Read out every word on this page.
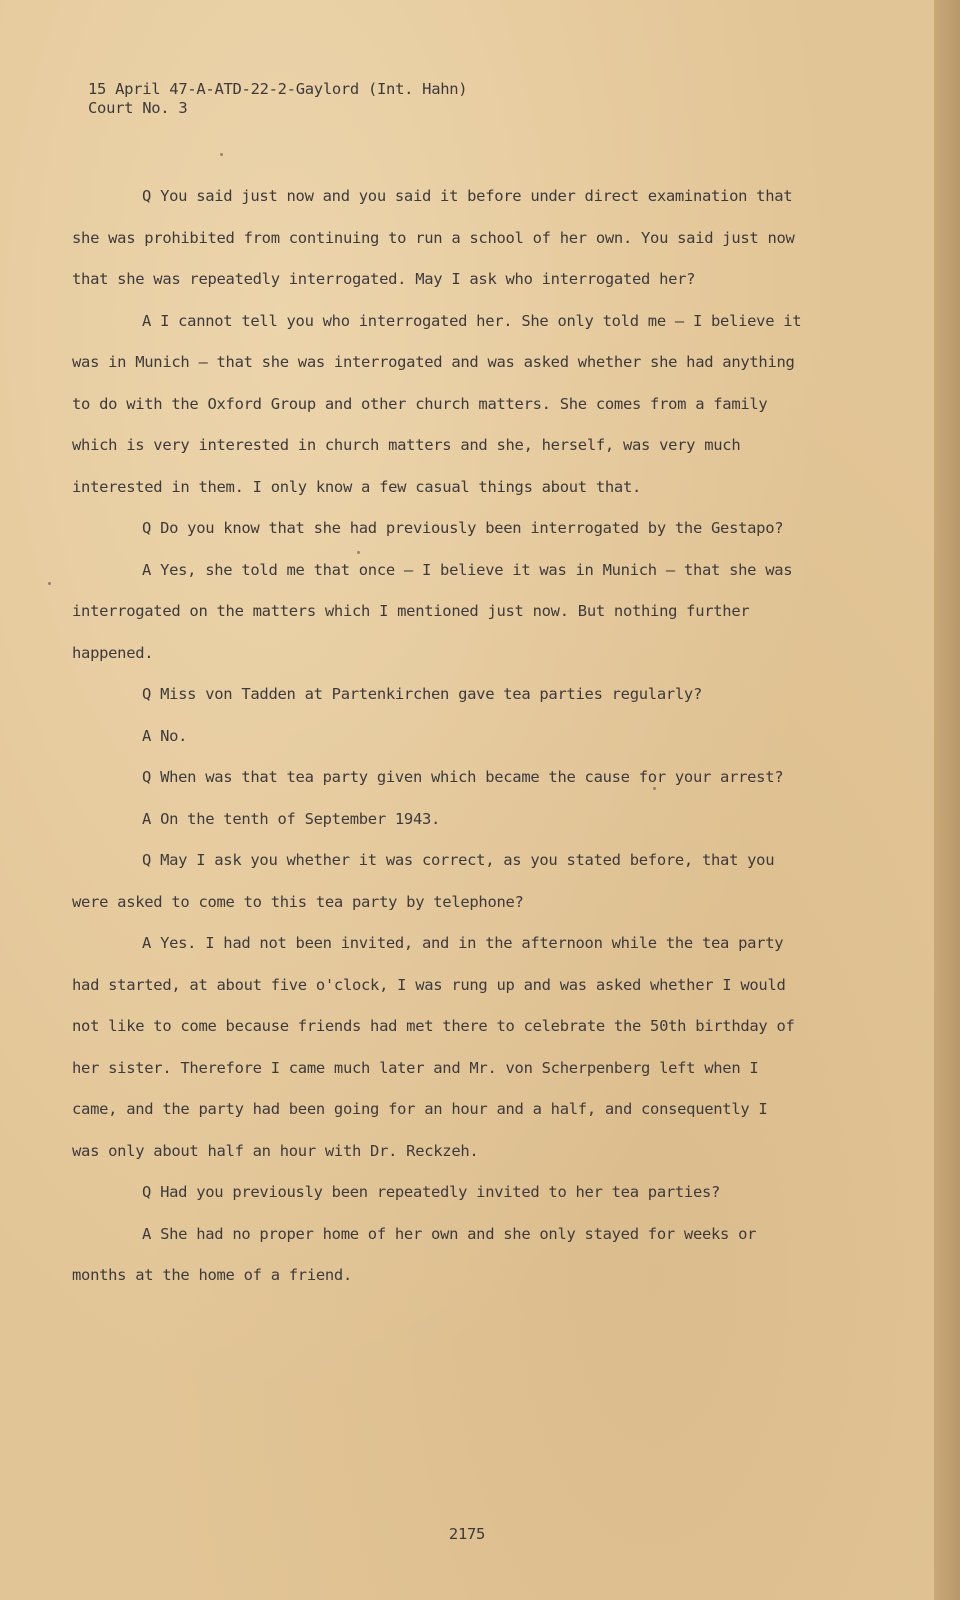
15 April 47-A-ATD-22-2-Gaylord (Int. Hahn)
Court No. 3

Q You said just now and you said it before under direct examination that she was prohibited from continuing to run a school of her own. You said just now that she was repeatedly interrogated. May I ask who interrogated her?

A I cannot tell you who interrogated her. She only told me — I believe it was in Munich — that she was interrogated and was asked whether she had anything to do with the Oxford Group and other church matters. She comes from a family which is very interested in church matters and she, herself, was very much interested in them. I only know a few casual things about that.

Q Do you know that she had previously been interrogated by the Gestapo?

A Yes, she told me that once — I believe it was in Munich — that she was interrogated on the matters which I mentioned just now. But nothing further happened.

Q Miss von Tadden at Partenkirchen gave tea parties regularly?

A No.

Q When was that tea party given which became the cause for your arrest?

A On the tenth of September 1943.

Q May I ask you whether it was correct, as you stated before, that you were asked to come to this tea party by telephone?

A Yes. I had not been invited, and in the afternoon while the tea party had started, at about five o'clock, I was rung up and was asked whether I would not like to come because friends had met there to celebrate the 50th birthday of her sister. Therefore I came much later and Mr. von Scherpenberg left when I came, and the party had been going for an hour and a half, and consequently I was only about half an hour with Dr. Reckzeh.

Q Had you previously been repeatedly invited to her tea parties?

A She had no proper home of her own and she only stayed for weeks or months at the home of a friend.

2175
